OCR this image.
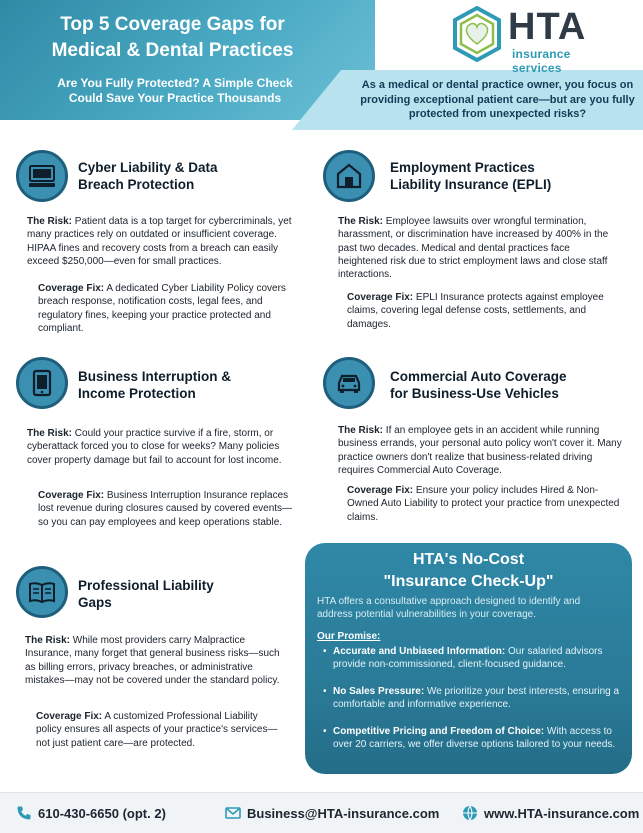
Top 5 Coverage Gaps for
Medical & Dental Practices
Are You Fully Protected? A Simple Check
Could Save Your Practice Thousands
As a medical or dental practice owner, you focus on providing exceptional patient care—but are you fully protected from unexpected risks?
HTA
insurance services
Cyber Liability & Data
Breach Protection
The Risk: Patient data is a top target for cybercriminals, yet many practices rely on outdated or insufficient coverage. HIPAA fines and recovery costs from a breach can easily exceed $250,000—even for small practices.
Coverage Fix: A dedicated Cyber Liability Policy covers breach response, notification costs, legal fees, and regulatory fines, keeping your practice protected and compliant.
Employment Practices
Liability Insurance (EPLI)
The Risk: Employee lawsuits over wrongful termination, harassment, or discrimination have increased by 400% in the past two decades. Medical and dental practices face heightened risk due to strict employment laws and close staff interactions.
Coverage Fix: EPLI Insurance protects against employee claims, covering legal defense costs, settlements, and damages.
Business Interruption &
Income Protection
The Risk: Could your practice survive if a fire, storm, or cyberattack forced you to close for weeks? Many policies cover property damage but fail to account for lost income.
Coverage Fix: Business Interruption Insurance replaces lost revenue during closures caused by covered events—so you can pay employees and keep operations stable.
Commercial Auto Coverage
for Business-Use Vehicles
The Risk: If an employee gets in an accident while running business errands, your personal auto policy won't cover it. Many practice owners don't realize that business-related driving requires Commercial Auto Coverage.
Coverage Fix: Ensure your policy includes Hired & Non-Owned Auto Liability to protect your practice from unexpected claims.
Professional Liability
Gaps
The Risk: While most providers carry Malpractice Insurance, many forget that general business risks—such as billing errors, privacy breaches, or administrative mistakes—may not be covered under the standard policy.
Coverage Fix: A customized Professional Liability policy ensures all aspects of your practice's services—not just patient care—are protected.
HTA's No-Cost
"Insurance Check-Up"
HTA offers a consultative approach designed to identify and address potential vulnerabilities in your coverage.
Our Promise:
• Accurate and Unbiased Information: Our salaried advisors provide non-commissioned, client-focused guidance.
• No Sales Pressure: We prioritize your best interests, ensuring a comfortable and informative experience.
• Competitive Pricing and Freedom of Choice: With access to over 20 carriers, we offer diverse options tailored to your needs.
610-430-6650 (opt. 2)	Business@HTA-insurance.com	www.HTA-insurance.com
